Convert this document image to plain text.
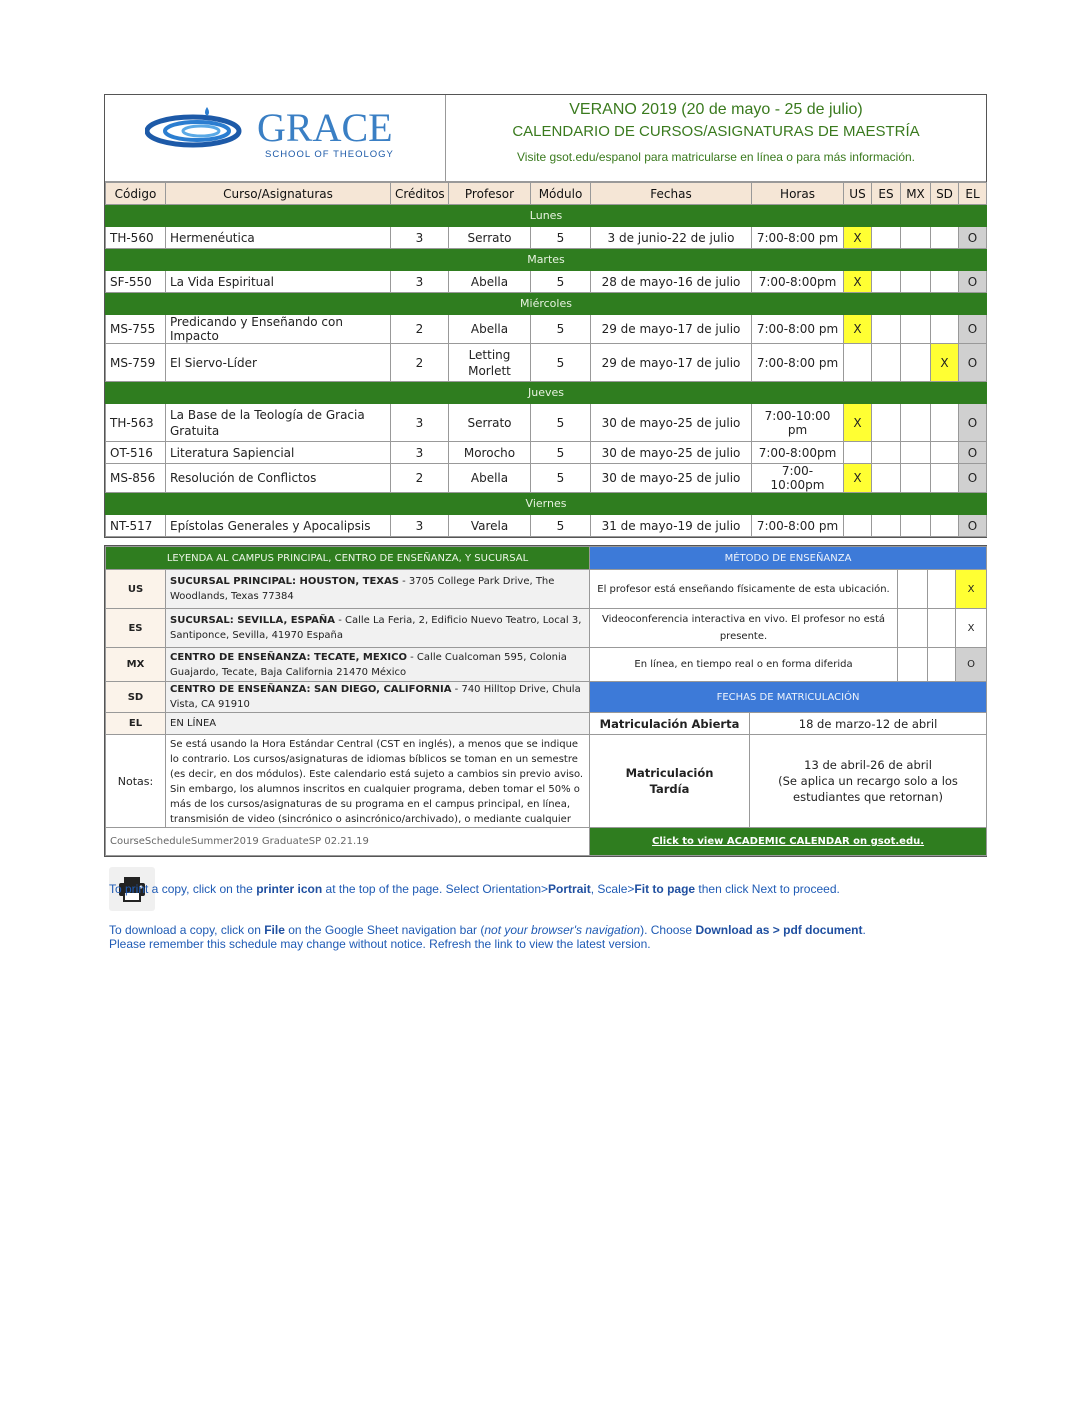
GRACE
SCHOOL OF THEOLOGY
VERANO 2019 (20 de mayo - 25 de julio)
CALENDARIO DE CURSOS/ASIGNATURAS DE MAESTRÍA
Visite gsot.edu/espanol para matricularse en línea o para más información.
Código	Curso/Asignaturas	Créditos	Profesor	Módulo	Fechas	Horas	US	ES	MX	SD	EL
Lunes											
TH-560	Hermenéutica	3	Serrato	5	3 de junio-22 de julio	7:00-8:00 pm	X				O
Martes											
SF-550	La Vida Espiritual	3	Abella	5	28 de mayo-16 de julio	7:00-8:00pm	X				O
Miércoles											
MS-755	Predicando y Enseñando con Impacto	2	Abella	5	29 de mayo-17 de julio	7:00-8:00 pm	X				O
MS-759	El Siervo-Líder	2	Letting Morlett	5	29 de mayo-17 de julio	7:00-8:00 pm				X	O
Jueves											
TH-563	La Base de la Teología de Gracia Gratuita	3	Serrato	5	30 de mayo-25 de julio	7:00-10:00 pm	X				O
OT-516	Literatura Sapiencial	3	Morocho	5	30 de mayo-25 de julio	7:00-8:00pm					O
MS-856	Resolución de Conflictos	2	Abella	5	30 de mayo-25 de julio	7:00-10:00pm	X				O
Viernes											
NT-517	Epístolas Generales y Apocalipsis	3	Varela	5	31 de mayo-19 de julio	7:00-8:00 pm					O
LEYENDA AL CAMPUS PRINCIPAL, CENTRO DE ENSEÑANZA, Y SUCURSAL		MÉTODO DE ENSEÑANZA				
US	SUCURSAL PRINCIPAL: HOUSTON, TEXAS - 3705 College Park Drive, The Woodlands, Texas 77384	El profesor está enseñando físicamente de esta ubicación.				X
ES	SUCURSAL: SEVILLA, ESPAÑA - Calle La Feria, 2, Edificio Nuevo Teatro, Local 3, Santiponce, Sevilla, 41970 España	Videoconferencia interactiva en vivo. El profesor no está presente.				X
MX	CENTRO DE ENSEÑANZA: TECATE, MEXICO - Calle Cualcoman 595, Colonia Guajardo, Tecate, Baja California 21470 México	En línea, en tiempo real o en forma diferida				O
SD	CENTRO DE ENSEÑANZA: SAN DIEGO, CALIFORNIA - 740 Hilltop Drive, Chula Vista, CA 91910	FECHAS DE MATRICULACIÓN				
EL	EN LÍNEA	Matriculación Abierta	18 de marzo-12 de abril			
Notas:	Se está usando la Hora Estándar Central (CST en inglés), a menos que se indique lo contrario. Los cursos/asignaturas de idiomas bíblicos se toman en un semestre (es decir, en dos módulos). Este calendario está sujeto a cambios sin previo aviso. Sin embargo, los alumnos inscritos en cualquier programa, deben tomar el 50% o más de los cursos/asignaturas de su programa en el campus principal, en línea, transmisión de video (sincrónico o asincrónico/archivado), o mediante cualquier	Matriculación Tardía	13 de abril-26 de abril
(Se aplica un recargo solo a los estudiantes que retornan)			

CourseScheduleSummer2019 GraduateSP 02.21.19		Click to view ACADEMIC CALENDAR on gsot.edu.				
To print a copy, click on the printer icon at the top of the page. Select Orientation>Portrait, Scale>Fit to page then click Next to proceed.
To download a copy, click on File on the Google Sheet navigation bar (not your browser's navigation). Choose Download as > pdf document.
Please remember this schedule may change without notice. Refresh the link to view the latest version.
